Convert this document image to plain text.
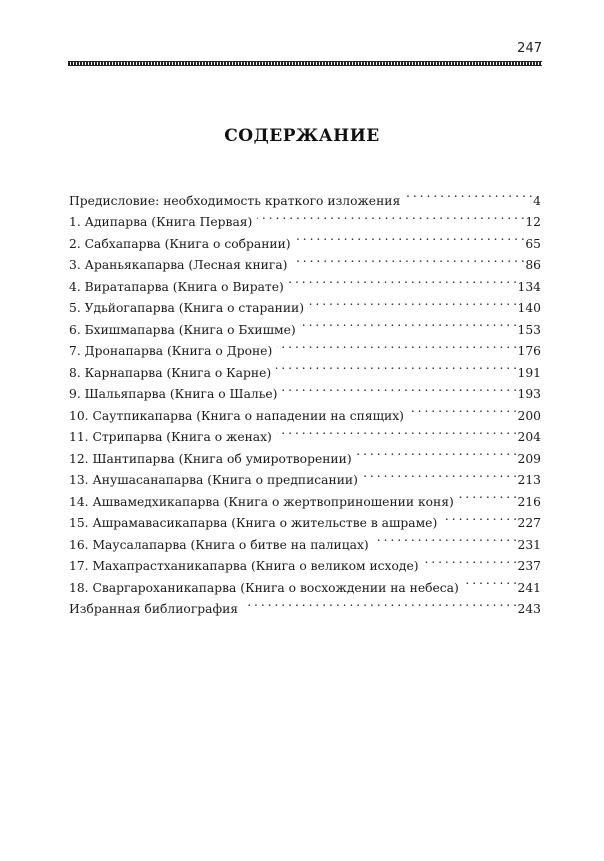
247
СОДЕРЖАНИЕ
Предисловие: необходимость краткого изложения . . .	4
1. Адипарва (Книга Первая) . . .	12
2. Сабхапарва (Книга о собрании) . . .	65
3. Араньякапарва (Лесная книга) . . .	86
4. Виратапарва (Книга о Вирате) . . .	134
5. Удьйогапарва (Книга о старании) . . .	140
6. Бхишмапарва (Книга о Бхишме) . . .	153
7. Дронапарва (Книга о Дроне) . . .	176
8. Карнапарва (Книга о Карне) . . .	191
9. Шальяпарва (Книга о Шалье) . . .	193
10. Саутпикапарва (Книга о нападении на спящих) . . .	200
11. Стрипарва (Книга о женах) . . .	204
12. Шантипарва (Книга об умиротворении) . . .	209
13. Анушасанапарва (Книга о предписании) . . .	213
14. Ашвамедхикапарва (Книга о жертвоприношении коня) . . .	216
15. Ашрамавасикапарва (Книга о жительстве в ашраме) . . .	227
16. Маусалапарва (Книга о битве на палицах) . . .	231
17. Махапрастханикапарва (Книга о великом исходе) . . .	237
18. Сваргароханикапарва (Книга о восхождении на небеса) . . .	241
Избранная библиография . . .	243
